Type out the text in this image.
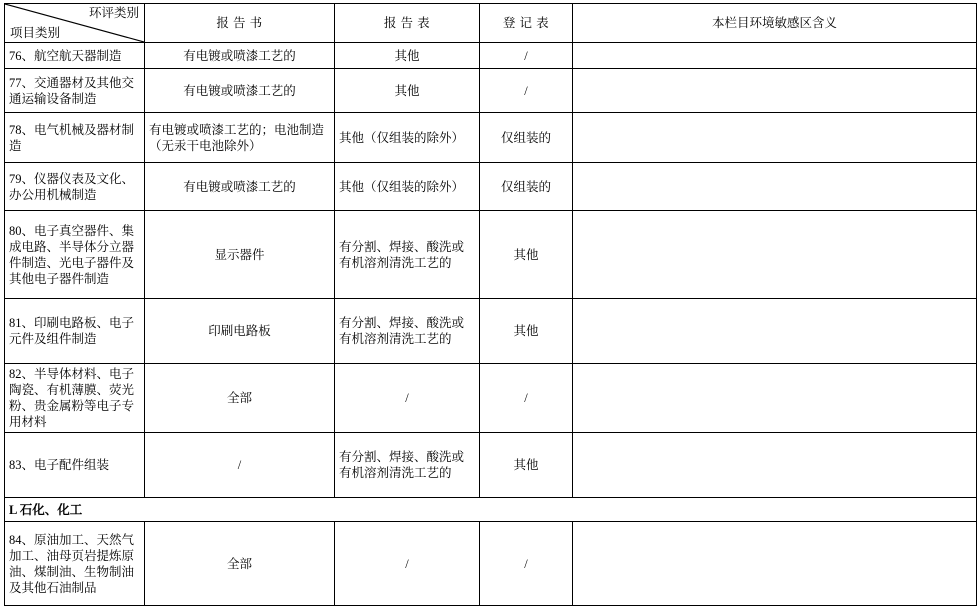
环评类别
项目类别	报 告 书	报 告 表	登 记 表	本栏目环境敏感区含义
76、航空航天器制造	有电镀或喷漆工艺的	其他	/	
77、交通器材及其他交通运输设备制造	有电镀或喷漆工艺的	其他	/	
78、电气机械及器材制造	有电镀或喷漆工艺的；电池制造（无汞干电池除外）	其他（仅组装的除外）	仅组装的	
79、仪器仪表及文化、办公用机械制造	有电镀或喷漆工艺的	其他（仅组装的除外）	仅组装的	
80、电子真空器件、集成电路、半导体分立器件制造、光电子器件及其他电子器件制造	显示器件	有分割、焊接、酸洗或有机溶剂清洗工艺的	其他	
81、印刷电路板、电子元件及组件制造	印刷电路板	有分割、焊接、酸洗或有机溶剂清洗工艺的	其他	
82、半导体材料、电子陶瓷、有机薄膜、荧光粉、贵金属粉等电子专用材料	全部	/	/	
83、电子配件组装	/	有分割、焊接、酸洗或有机溶剂清洗工艺的	其他	
L 石化、化工				
84、原油加工、天然气加工、油母页岩提炼原油、煤制油、生物制油及其他石油制品	全部	/	/	
